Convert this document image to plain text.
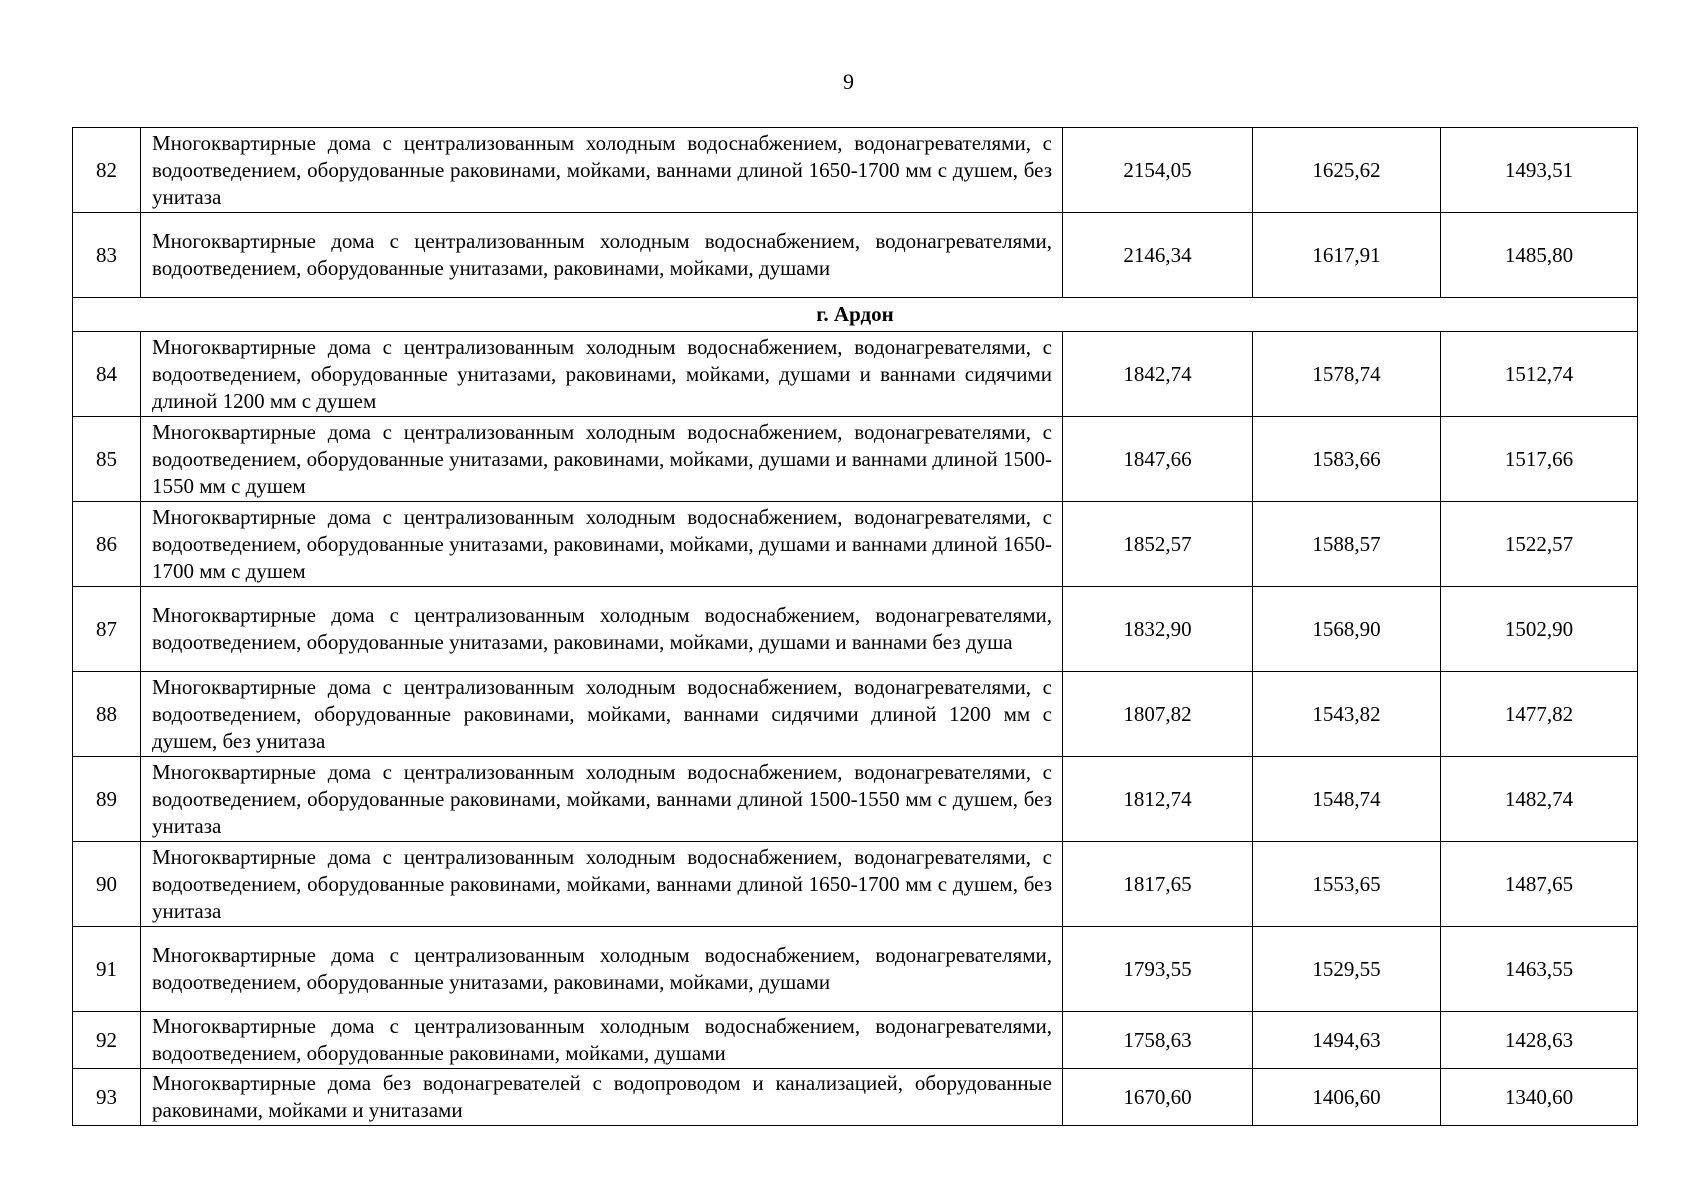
9
82	Многоквартирные дома с централизованным холодным водоснабжением, водонагревателями, с водоотведением, оборудованные раковинами, мойками, ваннами длиной 1650-1700 мм с душем, без унитаза	2154,05	1625,62	1493,51
83	Многоквартирные дома с централизованным холодным водоснабжением, водонагревателями, водоотведением, оборудованные унитазами, раковинами, мойками, душами	2146,34	1617,91	1485,80
г. Ардон				
84	Многоквартирные дома с централизованным холодным водоснабжением, водонагревателями, с водоотведением, оборудованные унитазами, раковинами, мойками, душами и ваннами сидячими длиной 1200 мм с душем	1842,74	1578,74	1512,74
85	Многоквартирные дома с централизованным холодным водоснабжением, водонагревателями, с водоотведением, оборудованные унитазами, раковинами, мойками, душами и ваннами длиной 1500-1550 мм с душем	1847,66	1583,66	1517,66
86	Многоквартирные дома с централизованным холодным водоснабжением, водонагревателями, с водоотведением, оборудованные унитазами, раковинами, мойками, душами и ваннами длиной 1650-1700 мм с душем	1852,57	1588,57	1522,57
87	Многоквартирные дома с централизованным холодным водоснабжением, водонагревателями, водоотведением, оборудованные унитазами, раковинами, мойками, душами и ваннами без душа	1832,90	1568,90	1502,90
88	Многоквартирные дома с централизованным холодным водоснабжением, водонагревателями, с водоотведением, оборудованные раковинами, мойками, ваннами сидячими длиной 1200 мм с душем, без унитаза	1807,82	1543,82	1477,82
89	Многоквартирные дома с централизованным холодным водоснабжением, водонагревателями, с водоотведением, оборудованные раковинами, мойками, ваннами длиной 1500-1550 мм с душем, без унитаза	1812,74	1548,74	1482,74
90	Многоквартирные дома с централизованным холодным водоснабжением, водонагревателями, с водоотведением, оборудованные раковинами, мойками, ваннами длиной 1650-1700 мм с душем, без унитаза	1817,65	1553,65	1487,65
91	Многоквартирные дома с централизованным холодным водоснабжением, водонагревателями, водоотведением, оборудованные унитазами, раковинами, мойками, душами	1793,55	1529,55	1463,55
92	Многоквартирные дома с централизованным холодным водоснабжением, водонагревателями, водоотведением, оборудованные раковинами, мойками, душами	1758,63	1494,63	1428,63
93	Многоквартирные дома без водонагревателей с водопроводом и канализацией, оборудованные раковинами, мойками и унитазами	1670,60	1406,60	1340,60
